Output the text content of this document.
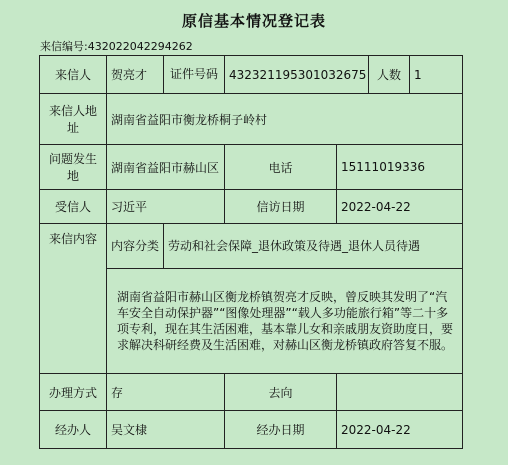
原信基本情况登记表
来信编号:432022042294262
来信人	贺亮才	证件号码	432321195301032675		人数	1
来信人地址	湖南省益阳市衡龙桥桐子岭村					
问题发生地	湖南省益阳市赫山区		电话	15111019336		
受信人	习近平		信访日期	2022-04-22		
来信内容	内容分类	劳动和社会保障_退休政策及待遇_退休人员待遇				
	湖南省益阳市赫山区衡龙桥镇贺亮才反映，曾反映其发明了“汽车安全自动保护器”“图像处理器”“载人多功能旅行箱”等二十多项专利，现在其生活困难，基本靠儿女和亲戚朋友资助度日，要求解决科研经费及生活困难，对赫山区衡龙桥镇政府答复不服。					
办理方式	存		去向			
经办人	吴文棣		经办日期	2022-04-22		
